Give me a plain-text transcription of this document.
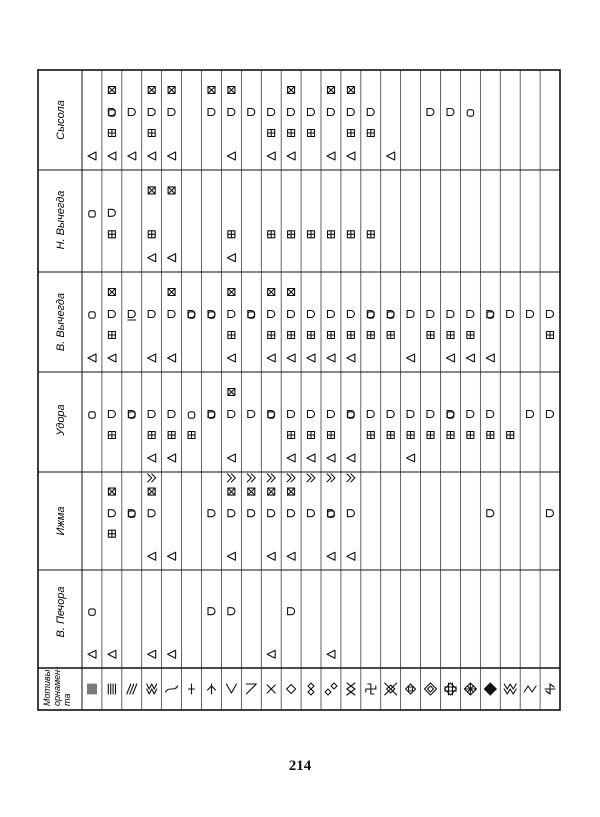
В. Печора
Ижма
Удора
В. Вычегда
Н. Вычегда
Сысола
Мотивы орнамен- та
214
